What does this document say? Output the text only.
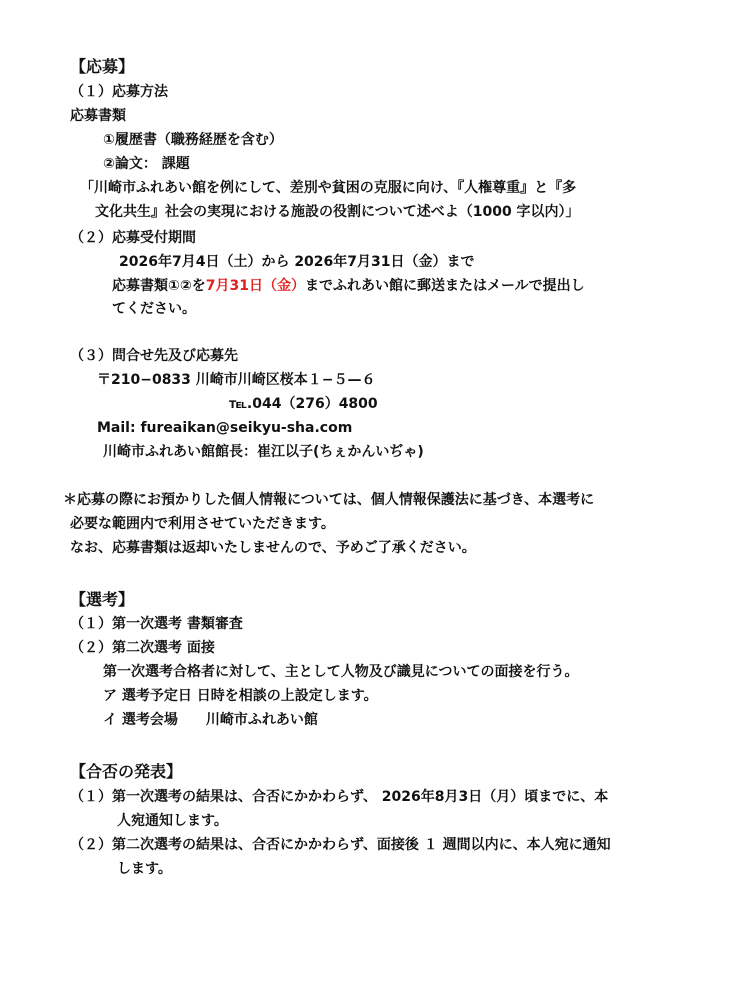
【応募】
（１）応募方法
応募書類
①履歴書（職務経歴を含む）
②論文： 課題
「川崎市ふれあい館を例にして、差別や貧困の克服に向け、『人権尊重』と『多
文化共生』社会の実現における施設の役割について述べよ（1000 字以内）」
（２）応募受付期間
2026年7月4日（土）から 2026年7月31日（金）まで
応募書類①②を7月31日（金）までふれあい館に郵送またはメールで提出し
てください。
（３）問合せ先及び応募先
〒210−0833 川崎市川崎区桜本１−５—６
℡.044（276）4800
Mail: fureaikan@seikyu-sha.com
川崎市ふれあい館館長：崔江以子(ちぇかんいぢゃ)
＊応募の際にお預かりした個人情報については、個人情報保護法に基づき、本選考に
必要な範囲内で利用させていただきます。
なお、応募書類は返却いたしませんので、予めご了承ください。
【選考】
（１）第一次選考 書類審査
（２）第二次選考 面接
第一次選考合格者に対して、主として人物及び識見についての面接を行う。
ア 選考予定日 日時を相談の上設定します。
イ 選考会場　　川崎市ふれあい館
【合否の発表】
（１）第一次選考の結果は、合否にかかわらず、 2026年8月3日（月）頃までに、本
人宛通知します。
（２）第二次選考の結果は、合否にかかわらず、面接後 １ 週間以内に、本人宛に通知
します。
